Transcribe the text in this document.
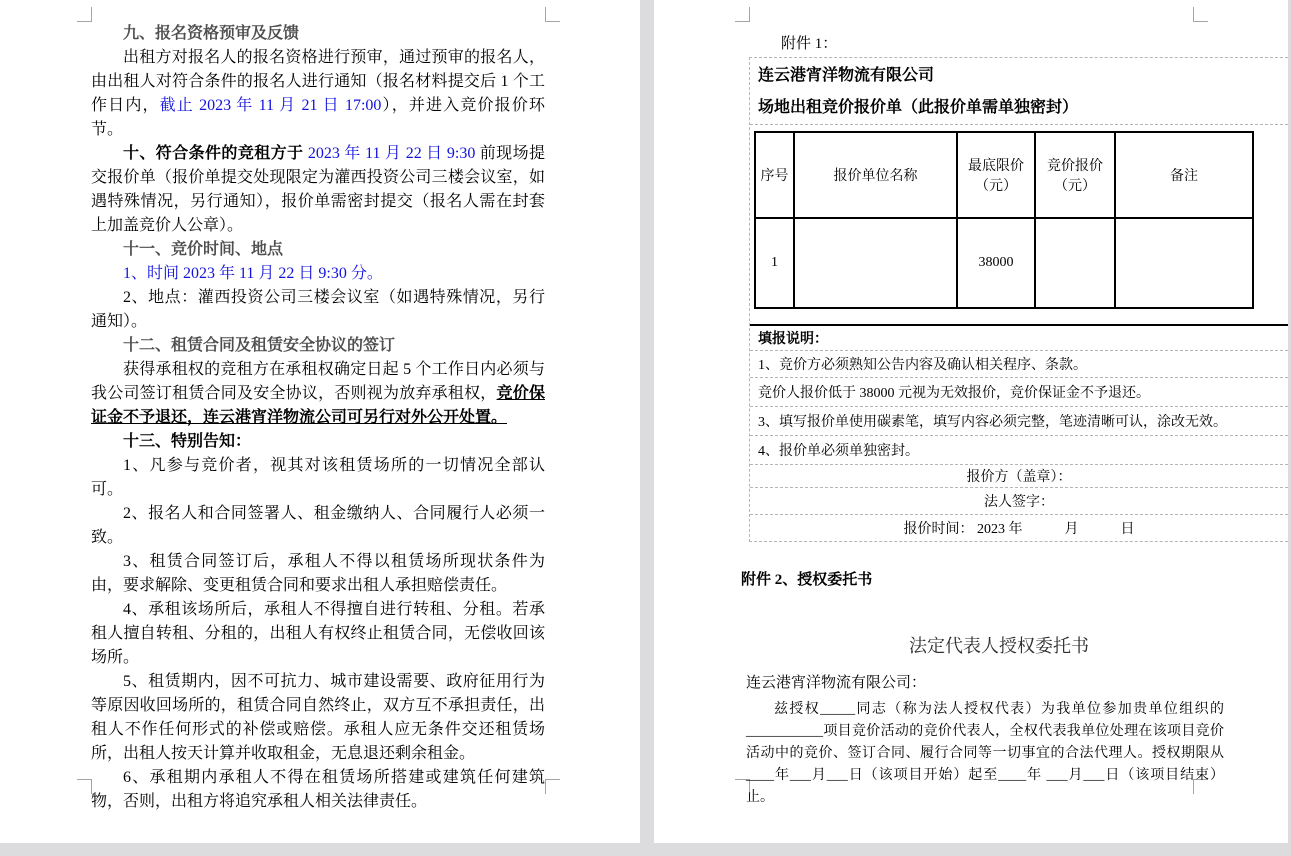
九、报名资格预审及反馈

出租方对报名人的报名资格进行预审，通过预审的报名人，由出租人对符合条件的报名人进行通知（报名材料提交后 1 个工作日内，截止 2023 年 11 月 21 日 17:00），并进入竞价报价环节。

十、符合条件的竞租方于 2023 年 11 月 22 日 9:30 前现场提交报价单（报价单提交处现限定为灌西投资公司三楼会议室，如遇特殊情况，另行通知），报价单需密封提交（报名人需在封套上加盖竞价人公章）。

十一、竞价时间、地点

1、时间 2023 年 11 月 22 日 9:30 分。

2、地点：灌西投资公司三楼会议室（如遇特殊情况，另行通知）。

十二、租赁合同及租赁安全协议的签订

获得承租权的竞租方在承租权确定日起 5 个工作日内必须与我公司签订租赁合同及安全协议，否则视为放弃承租权，竞价保证金不予退还，连云港宵洋物流公司可另行对外公开处置。

十三、特别告知：

1、凡参与竞价者，视其对该租赁场所的一切情况全部认可。

2、报名人和合同签署人、租金缴纳人、合同履行人必须一致。

3、租赁合同签订后，承租人不得以租赁场所现状条件为由，要求解除、变更租赁合同和要求出租人承担赔偿责任。

4、承租该场所后，承租人不得擅自进行转租、分租。若承租人擅自转租、分租的，出租人有权终止租赁合同，无偿收回该场所。

5、租赁期内，因不可抗力、城市建设需要、政府征用行为等原因收回场所的，租赁合同自然终止，双方互不承担责任，出租人不作任何形式的补偿或赔偿。承租人应无条件交还租赁场所，出租人按天计算并收取租金，无息退还剩余租金。

6、承租期内承租人不得在租赁场所搭建或建筑任何建筑物，否则，出租方将追究承租人相关法律责任。

附件 1：

连云港宵洋物流有限公司

场地出租竞价报价单（此报价单需单独密封）

序号	报价单位名称	最底限价（元）	竞价报价（元）	备注
1		38000		
填报说明：
1、竞价方必须熟知公告内容及确认相关程序、条款。
竞价人报价低于 38000 元视为无效报价，竞价保证金不予退还。
3、填写报价单使用碳素笔，填写内容必须完整，笔迹清晰可认，涂改无效。
4、报价单必须单独密封。
报价方（盖章）：
法人签字：
报价时间： 2023 年　　　月　　　日
附件 2、授权委托书
法定代表人授权委托书
连云港宵洋物流有限公司：
兹授权_____同志（称为法人授权代表）为我单位参加贵单位组织的___________项目竞价活动的竞价代表人，全权代表我单位处理在该项目竞价活动中的竞价、签订合同、履行合同等一切事宜的合法代理人。授权期限从____年___月___日（该项目开始）起至____年 ___月___日（该项目结束）止。
